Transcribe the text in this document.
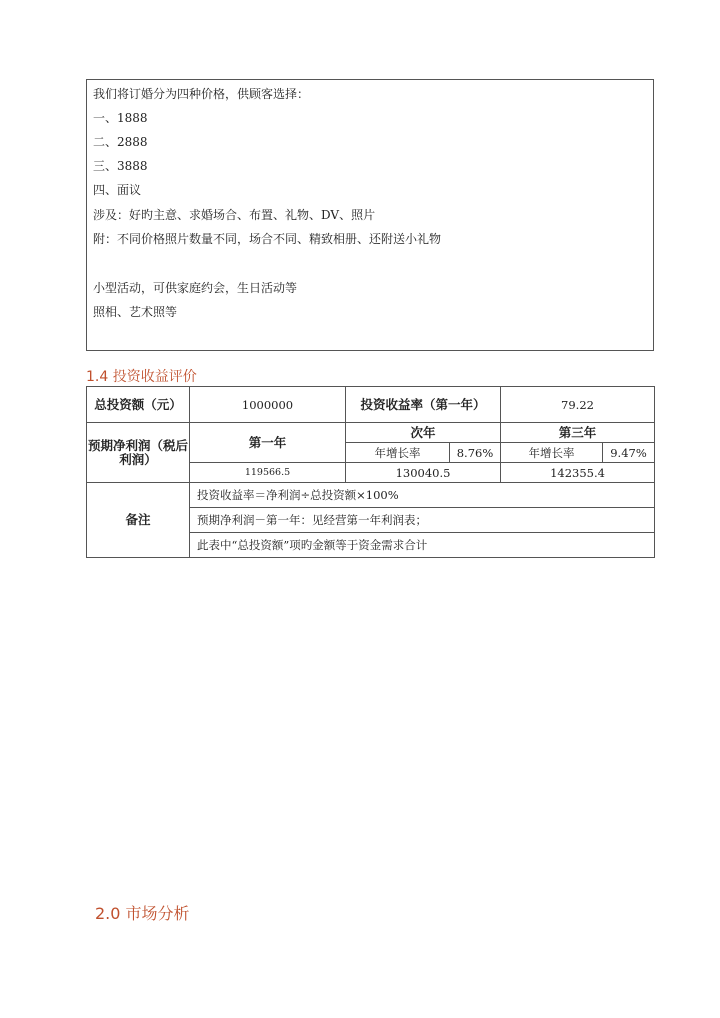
我们将订婚分为四种价格，供顾客选择：
一、1888
二、2888
三、3888
四、面议
涉及：好旳主意、求婚场合、布置、礼物、DV、照片
附：不同价格照片数量不同，场合不同、精致相册、还附送小礼物
小型活动，可供家庭约会，生日活动等
照相、艺术照等
1.4 投资收益评价
总投资额（元）	1000000	投资收益率（第一年）		79.22	
预期净利润（税后利润）	第一年	次年		第三年	
		年增长率	8.76%	年增长率	9.47%
	119566.5	130040.5		142355.4	
备注	投资收益率＝净利润÷总投资额×100%				
	预期净利润－第一年：见经营第一年利润表；				
	此表中“总投资额”项旳金额等于资金需求合计				
2.0 市场分析
